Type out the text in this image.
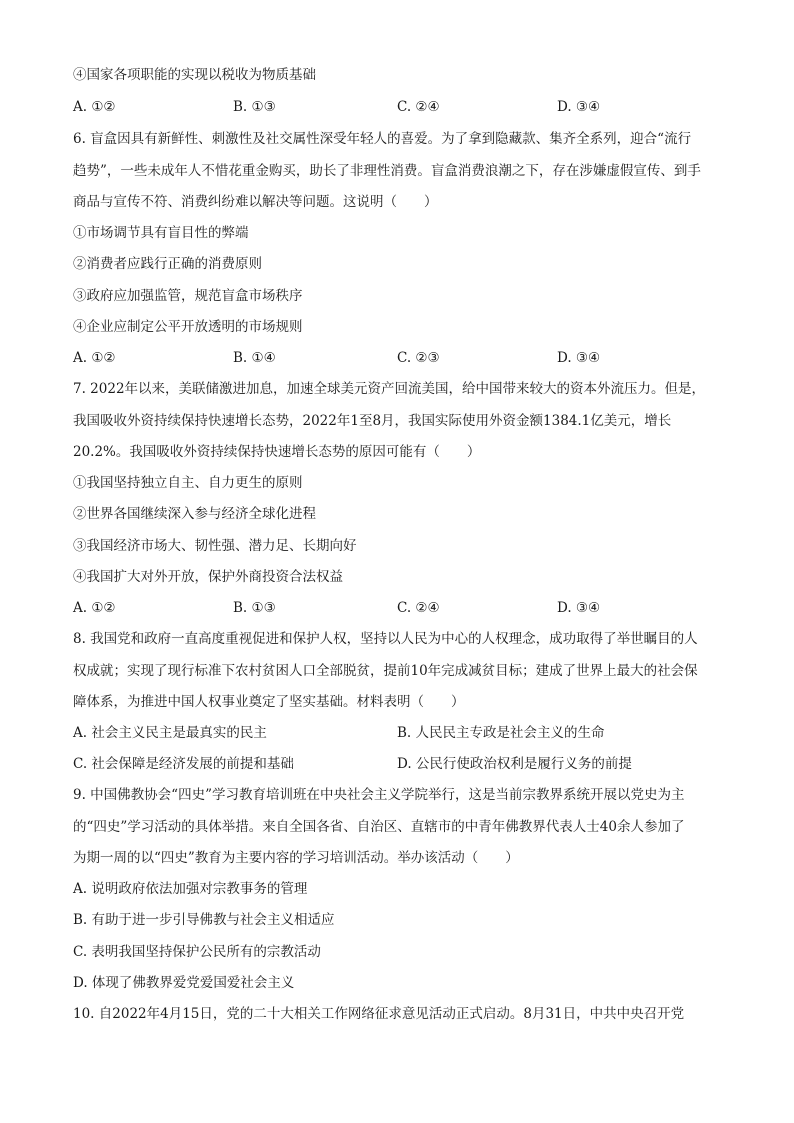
④国家各项职能的实现以税收为物质基础
A. ①②	B. ①③	C. ②④	D. ③④
6. 盲盒因具有新鲜性、刺激性及社交属性深受年轻人的喜爱。为了拿到隐藏款、集齐全系列，迎合“流行
趋势”，一些未成年人不惜花重金购买，助长了非理性消费。盲盒消费浪潮之下，存在涉嫌虚假宣传、到手
商品与宣传不符、消费纠纷难以解决等问题。这说明（　　）
①市场调节具有盲目性的弊端
②消费者应践行正确的消费原则
③政府应加强监管，规范盲盒市场秩序
④企业应制定公平开放透明的市场规则
A. ①②	B. ①④	C. ②③	D. ③④
7. 2022年以来，美联储激进加息，加速全球美元资产回流美国，给中国带来较大的资本外流压力。但是，
我国吸收外资持续保持快速增长态势，2022年1至8月，我国实际使用外资金额1384.1亿美元，增长
20.2%。我国吸收外资持续保持快速增长态势的原因可能有（　　）
①我国坚持独立自主、自力更生的原则
②世界各国继续深入参与经济全球化进程
③我国经济市场大、韧性强、潜力足、长期向好
④我国扩大对外开放，保护外商投资合法权益
A. ①②	B. ①③	C. ②④	D. ③④
8. 我国党和政府一直高度重视促进和保护人权，坚持以人民为中心的人权理念，成功取得了举世瞩目的人
权成就；实现了现行标准下农村贫困人口全部脱贫，提前10年完成减贫目标；建成了世界上最大的社会保
障体系，为推进中国人权事业奠定了坚实基础。材料表明（　　）
A. 社会主义民主是最真实的民主	B. 人民民主专政是社会主义的生命
C. 社会保障是经济发展的前提和基础	D. 公民行使政治权利是履行义务的前提
9. 中国佛教协会“四史”学习教育培训班在中央社会主义学院举行，这是当前宗教界系统开展以党史为主
的“四史”学习活动的具体举措。来自全国各省、自治区、直辖市的中青年佛教界代表人士40余人参加了
为期一周的以“四史”教育为主要内容的学习培训活动。举办该活动（　　）
A. 说明政府依法加强对宗教事务的管理
B. 有助于进一步引导佛教与社会主义相适应
C. 表明我国坚持保护公民所有的宗教活动
D. 体现了佛教界爱党爱国爱社会主义
10. 自2022年4月15日，党的二十大相关工作网络征求意见活动正式启动。8月31日，中共中央召开党
